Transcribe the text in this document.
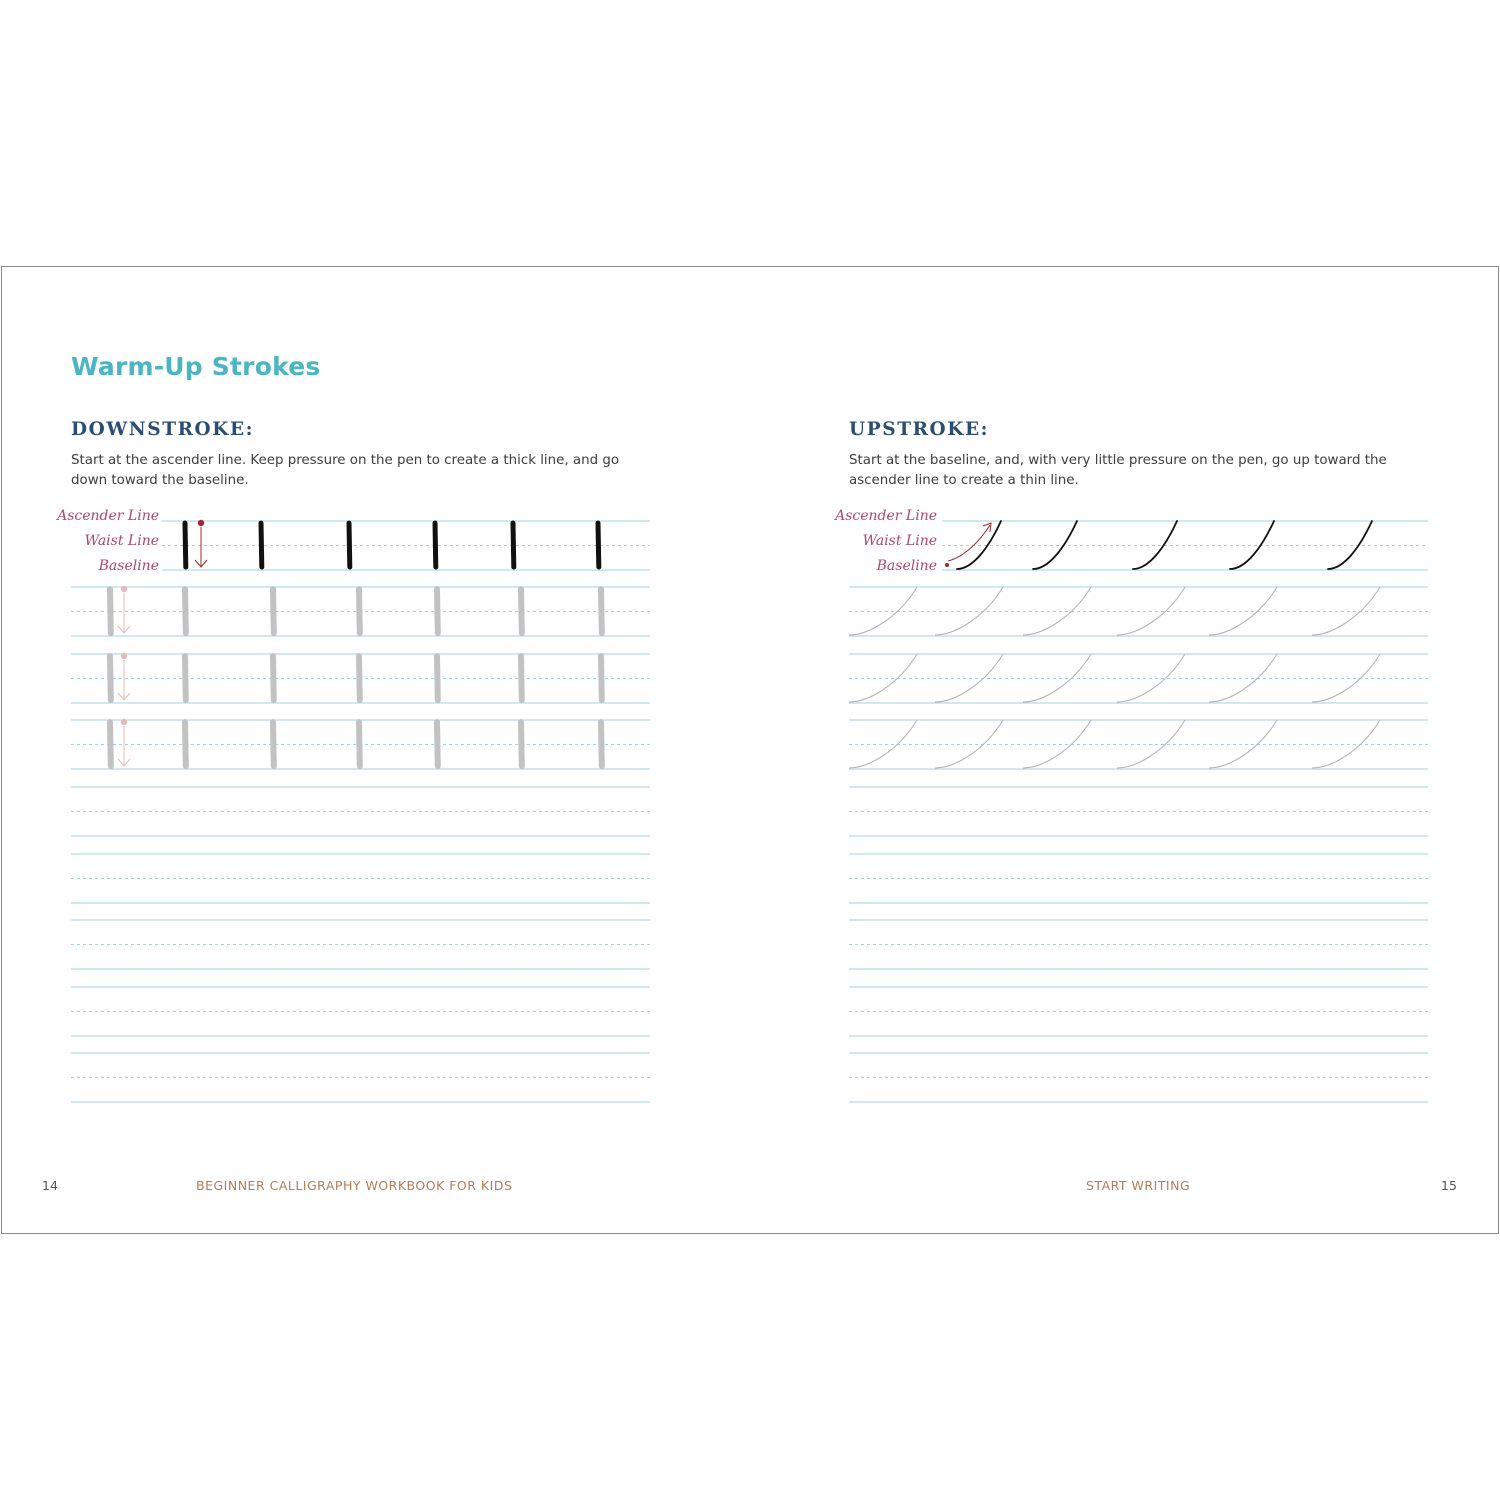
Warm-Up Strokes
DOWNSTROKE:

Start at the ascender line. Keep pressure on the pen to create a thick line, and go down toward the baseline.

UPSTROKE:

Start at the baseline, and, with very little pressure on the pen, go up toward the ascender line to create a thin line.

Ascender Line
Waist Line
Baseline
Ascender Line
Waist Line
Baseline

14	BEGINNER CALLIGRAPHY WORKBOOK FOR KIDS	START WRITING	15
